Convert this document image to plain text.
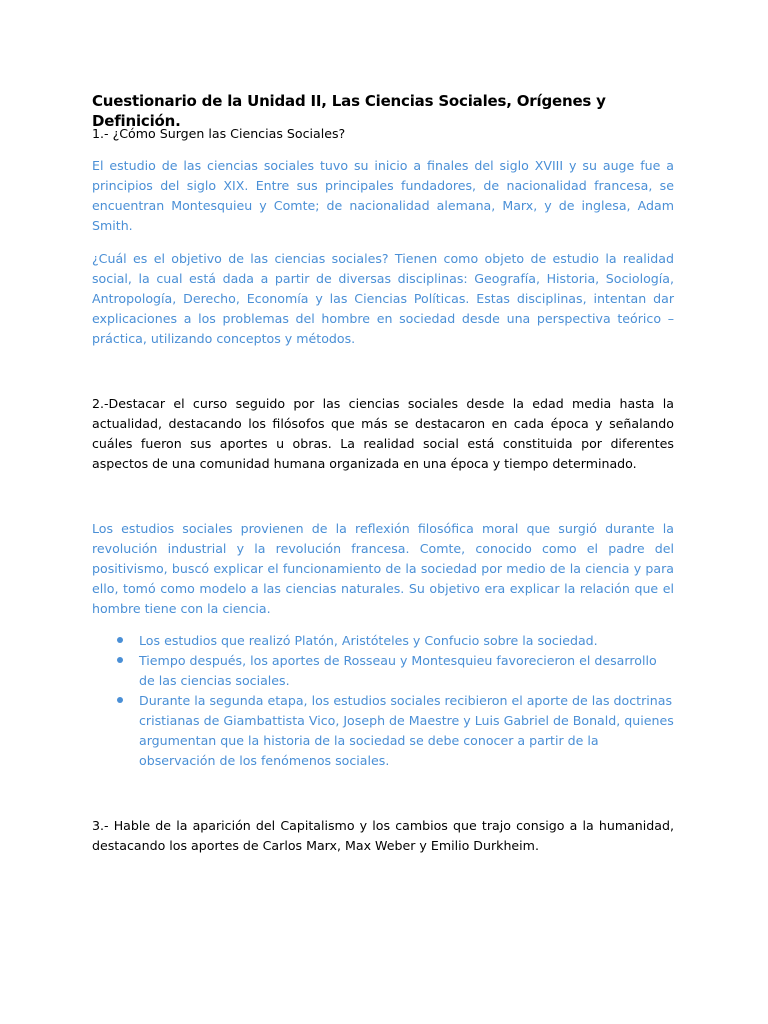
Cuestionario de la Unidad II, Las Ciencias Sociales, Orígenes y Definición.

1.- ¿Cómo Surgen las Ciencias Sociales?

El estudio de las ciencias sociales tuvo su inicio a finales del siglo XVIII y su auge fue a principios del siglo XIX. Entre sus principales fundadores, de nacionalidad francesa, se encuentran Montesquieu y Comte; de nacionalidad alemana, Marx, y de inglesa, Adam Smith.

¿Cuál es el objetivo de las ciencias sociales? Tienen como objeto de estudio la realidad social, la cual está dada a partir de diversas disciplinas: Geografía, Historia, Sociología, Antropología, Derecho, Economía y las Ciencias Políticas. Estas disciplinas, intentan dar explicaciones a los problemas del hombre en sociedad desde una perspectiva teórico – práctica, utilizando conceptos y métodos.

2.-Destacar el curso seguido por las ciencias sociales desde la edad media hasta la actualidad, destacando los filósofos que más se destacaron en cada época y señalando cuáles fueron sus aportes u obras. La realidad social está constituida por diferentes aspectos de una comunidad humana organizada en una época y tiempo determinado.

Los estudios sociales provienen de la reflexión filosófica moral que surgió durante la revolución industrial y la revolución francesa. Comte, conocido como el padre del positivismo, buscó explicar el funcionamiento de la sociedad por medio de la ciencia y para ello, tomó como modelo a las ciencias naturales. Su objetivo era explicar la relación que el hombre tiene con la ciencia.

Los estudios que realizó Platón, Aristóteles y Confucio sobre la sociedad.
Tiempo después, los aportes de Rosseau y Montesquieu favorecieron el desarrollo de las ciencias sociales.
Durante la segunda etapa, los estudios sociales recibieron el aporte de las doctrinas cristianas de Giambattista Vico, Joseph de Maestre y Luis Gabriel de Bonald, quienes argumentan que la historia de la sociedad se debe conocer a partir de la observación de los fenómenos sociales.

3.- Hable de la aparición del Capitalismo y los cambios que trajo consigo a la humanidad, destacando los aportes de Carlos Marx, Max Weber y Emilio Durkheim.
